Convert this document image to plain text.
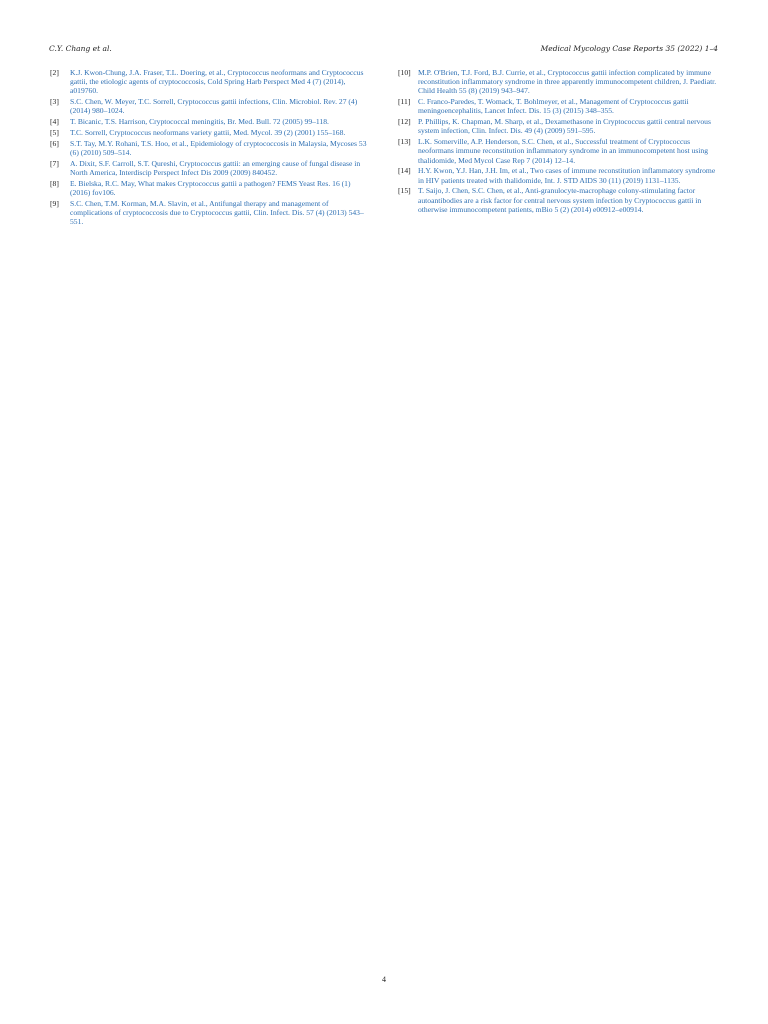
C.Y. Chang et al.	Medical Mycology Case Reports 35 (2022) 1–4
[2] K.J. Kwon-Chung, J.A. Fraser, T.L. Doering, et al., Cryptococcus neoformans and Cryptococcus gattii, the etiologic agents of cryptococcosis, Cold Spring Harb Perspect Med 4 (7) (2014), a019760.
[3] S.C. Chen, W. Meyer, T.C. Sorrell, Cryptococcus gattii infections, Clin. Microbiol. Rev. 27 (4) (2014) 980–1024.
[4] T. Bicanic, T.S. Harrison, Cryptococcal meningitis, Br. Med. Bull. 72 (2005) 99–118.
[5] T.C. Sorrell, Cryptococcus neoformans variety gattii, Med. Mycol. 39 (2) (2001) 155–168.
[6] S.T. Tay, M.Y. Rohani, T.S. Hoo, et al., Epidemiology of cryptococcosis in Malaysia, Mycoses 53 (6) (2010) 509–514.
[7] A. Dixit, S.F. Carroll, S.T. Qureshi, Cryptococcus gattii: an emerging cause of fungal disease in North America, Interdiscip Perspect Infect Dis 2009 (2009) 840452.
[8] E. Bielska, R.C. May, What makes Cryptococcus gattii a pathogen? FEMS Yeast Res. 16 (1) (2016) fov106.
[9] S.C. Chen, T.M. Korman, M.A. Slavin, et al., Antifungal therapy and management of complications of cryptococcosis due to Cryptococcus gattii, Clin. Infect. Dis. 57 (4) (2013) 543–551.
[10] M.P. O'Brien, T.J. Ford, B.J. Currie, et al., Cryptococcus gattii infection complicated by immune reconstitution inflammatory syndrome in three apparently immunocompetent children, J. Paediatr. Child Health 55 (8) (2019) 943–947.
[11] C. Franco-Paredes, T. Womack, T. Bohlmeyer, et al., Management of Cryptococcus gattii meningoencephalitis, Lancet Infect. Dis. 15 (3) (2015) 348–355.
[12] P. Phillips, K. Chapman, M. Sharp, et al., Dexamethasone in Cryptococcus gattii central nervous system infection, Clin. Infect. Dis. 49 (4) (2009) 591–595.
[13] L.K. Somerville, A.P. Henderson, S.C. Chen, et al., Successful treatment of Cryptococcus neoformans immune reconstitution inflammatory syndrome in an immunocompetent host using thalidomide, Med Mycol Case Rep 7 (2014) 12–14.
[14] H.Y. Kwon, Y.J. Han, J.H. Im, et al., Two cases of immune reconstitution inflammatory syndrome in HIV patients treated with thalidomide, Int. J. STD AIDS 30 (11) (2019) 1131–1135.
[15] T. Saijo, J. Chen, S.C. Chen, et al., Anti-granulocyte-macrophage colony-stimulating factor autoantibodies are a risk factor for central nervous system infection by Cryptococcus gattii in otherwise immunocompetent patients, mBio 5 (2) (2014) e00912–e00914.
4
